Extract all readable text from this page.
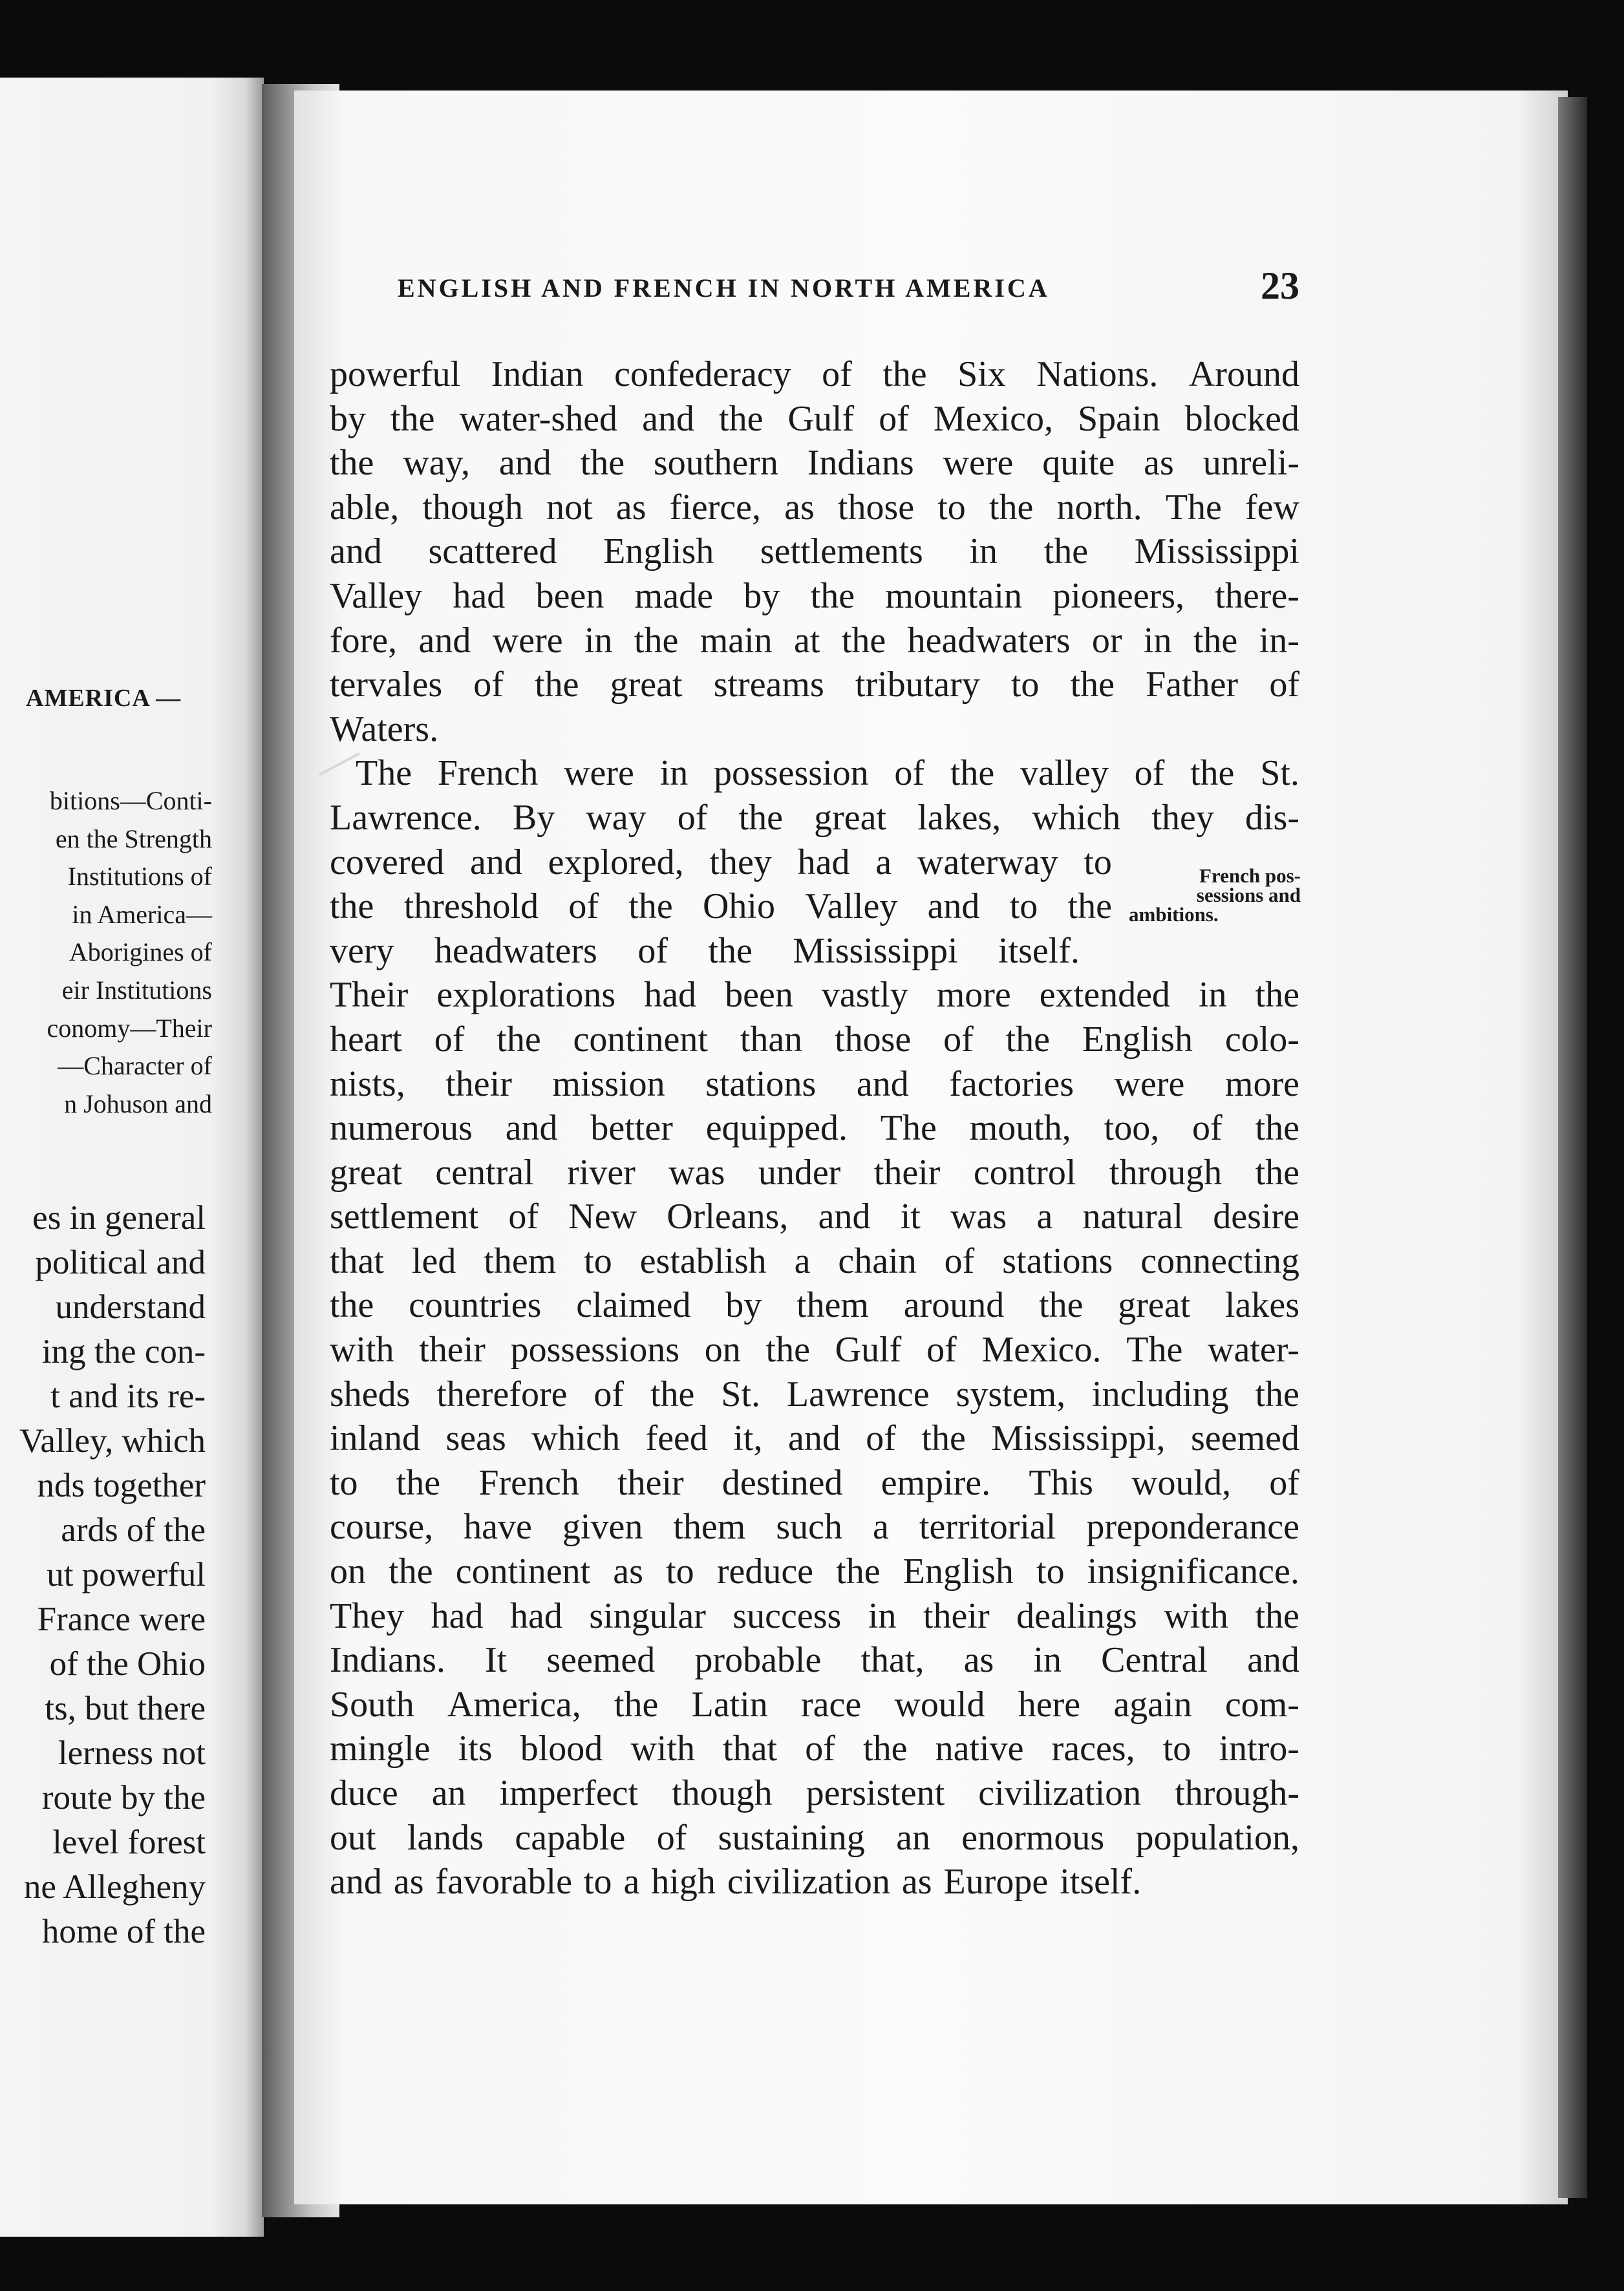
AMERICA —
bitions—Conti-
en the Strength
Institutions of
in America—
Aborigines of
eir Institutions
conomy—Their
—Character of
n Johuson and
es in general
political and
understand
ing the con-
t and its re-
Valley, which
nds together
ards of the
ut powerful
France were
of the Ohio
ts, but there
lerness not
route by the
level forest
ne Allegheny
home of the
ENGLISH AND FRENCH IN NORTH AMERICA	23
powerful Indian confederacy of the Six Nations. Around
by the water-shed and the Gulf of Mexico, Spain blocked
the way, and the southern Indians were quite as unreli-
able, though not as fierce, as those to the north. The few
and scattered English settlements in the Mississippi
Valley had been made by the mountain pioneers, there-
fore, and were in the main at the headwaters or in the in-
tervales of the great streams tributary to the Father of
Waters.
The French were in possession of the valley of the St.
Lawrence. By way of the great lakes, which they dis-
covered and explored, they had a waterway to
the threshold of the Ohio Valley and to the
very headwaters of the Mississippi itself.
Their explorations had been vastly more extended in the
heart of the continent than those of the English colo-
nists, their mission stations and factories were more
numerous and better equipped. The mouth, too, of the
great central river was under their control through the
settlement of New Orleans, and it was a natural desire
that led them to establish a chain of stations connecting
the countries claimed by them around the great lakes
with their possessions on the Gulf of Mexico. The water-
sheds therefore of the St. Lawrence system, including the
inland seas which feed it, and of the Mississippi, seemed
to the French their destined empire. This would, of
course, have given them such a territorial preponderance
on the continent as to reduce the English to insignificance.
They had had singular success in their dealings with the
Indians. It seemed probable that, as in Central and
South America, the Latin race would here again com-
mingle its blood with that of the native races, to intro-
duce an imperfect though persistent civilization through-
out lands capable of sustaining an enormous population,
and as favorable to a high civilization as Europe itself.
French pos-
sessions and
ambitions.
